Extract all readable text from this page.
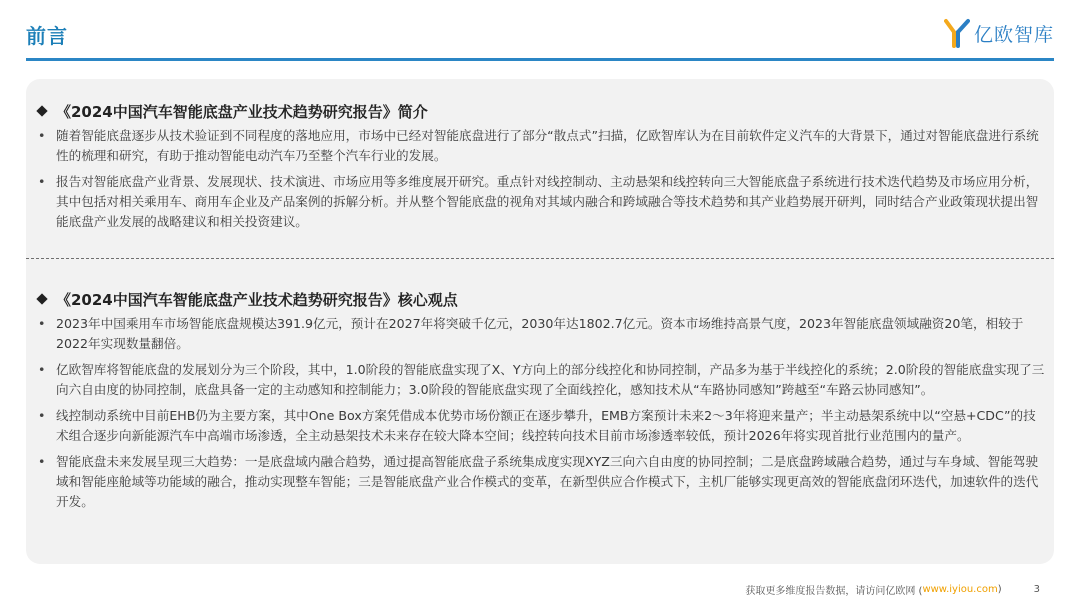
前言	亿欧智库
《2024中国汽车智能底盘产业技术趋势研究报告》简介
• 随着智能底盘逐步从技术验证到不同程度的落地应用，市场中已经对智能底盘进行了部分“散点式”扫描，亿欧智库认为在目前软件定义汽车的大背景下，通过对智能底盘进行系统性的梳理和研究，有助于推动智能电动汽车乃至整个汽车行业的发展。
• 报告对智能底盘产业背景、发展现状、技术演进、市场应用等多维度展开研究。重点针对线控制动、主动悬架和线控转向三大智能底盘子系统进行技术迭代趋势及市场应用分析，其中包括对相关乘用车、商用车企业及产品案例的拆解分析。并从整个智能底盘的视角对其域内融合和跨域融合等技术趋势和其产业趋势展开研判，同时结合产业政策现状提出智能底盘产业发展的战略建议和相关投资建议。
《2024中国汽车智能底盘产业技术趋势研究报告》核心观点
• 2023年中国乘用车市场智能底盘规模达391.9亿元，预计在2027年将突破千亿元，2030年达1802.7亿元。资本市场维持高景气度，2023年智能底盘领域融资20笔，相较于2022年实现数量翻倍。
• 亿欧智库将智能底盘的发展划分为三个阶段，其中，1.0阶段的智能底盘实现了X、Y方向上的部分线控化和协同控制，产品多为基于半线控化的系统；2.0阶段的智能底盘实现了三向六自由度的协同控制，底盘具备一定的主动感知和控制能力；3.0阶段的智能底盘实现了全面线控化，感知技术从“车路协同感知”跨越至“车路云协同感知”。
• 线控制动系统中目前EHB仍为主要方案，其中One Box方案凭借成本优势市场份额正在逐步攀升，EMB方案预计未来2～3年将迎来量产；半主动悬架系统中以“空悬+CDC”的技术组合逐步向新能源汽车中高端市场渗透，全主动悬架技术未来存在较大降本空间；线控转向技术目前市场渗透率较低，预计2026年将实现首批行业范围内的量产。
• 智能底盘未来发展呈现三大趋势：一是底盘域内融合趋势，通过提高智能底盘子系统集成度实现XYZ三向六自由度的协同控制；二是底盘跨域融合趋势，通过与车身域、智能驾驶域和智能座舱域等功能域的融合，推动实现整车智能；三是智能底盘产业合作模式的变革，在新型供应合作模式下，主机厂能够实现更高效的智能底盘闭环迭代，加速软件的迭代开发。
获取更多维度报告数据，请访问亿欧网 ( www.iyiou.com )	3
